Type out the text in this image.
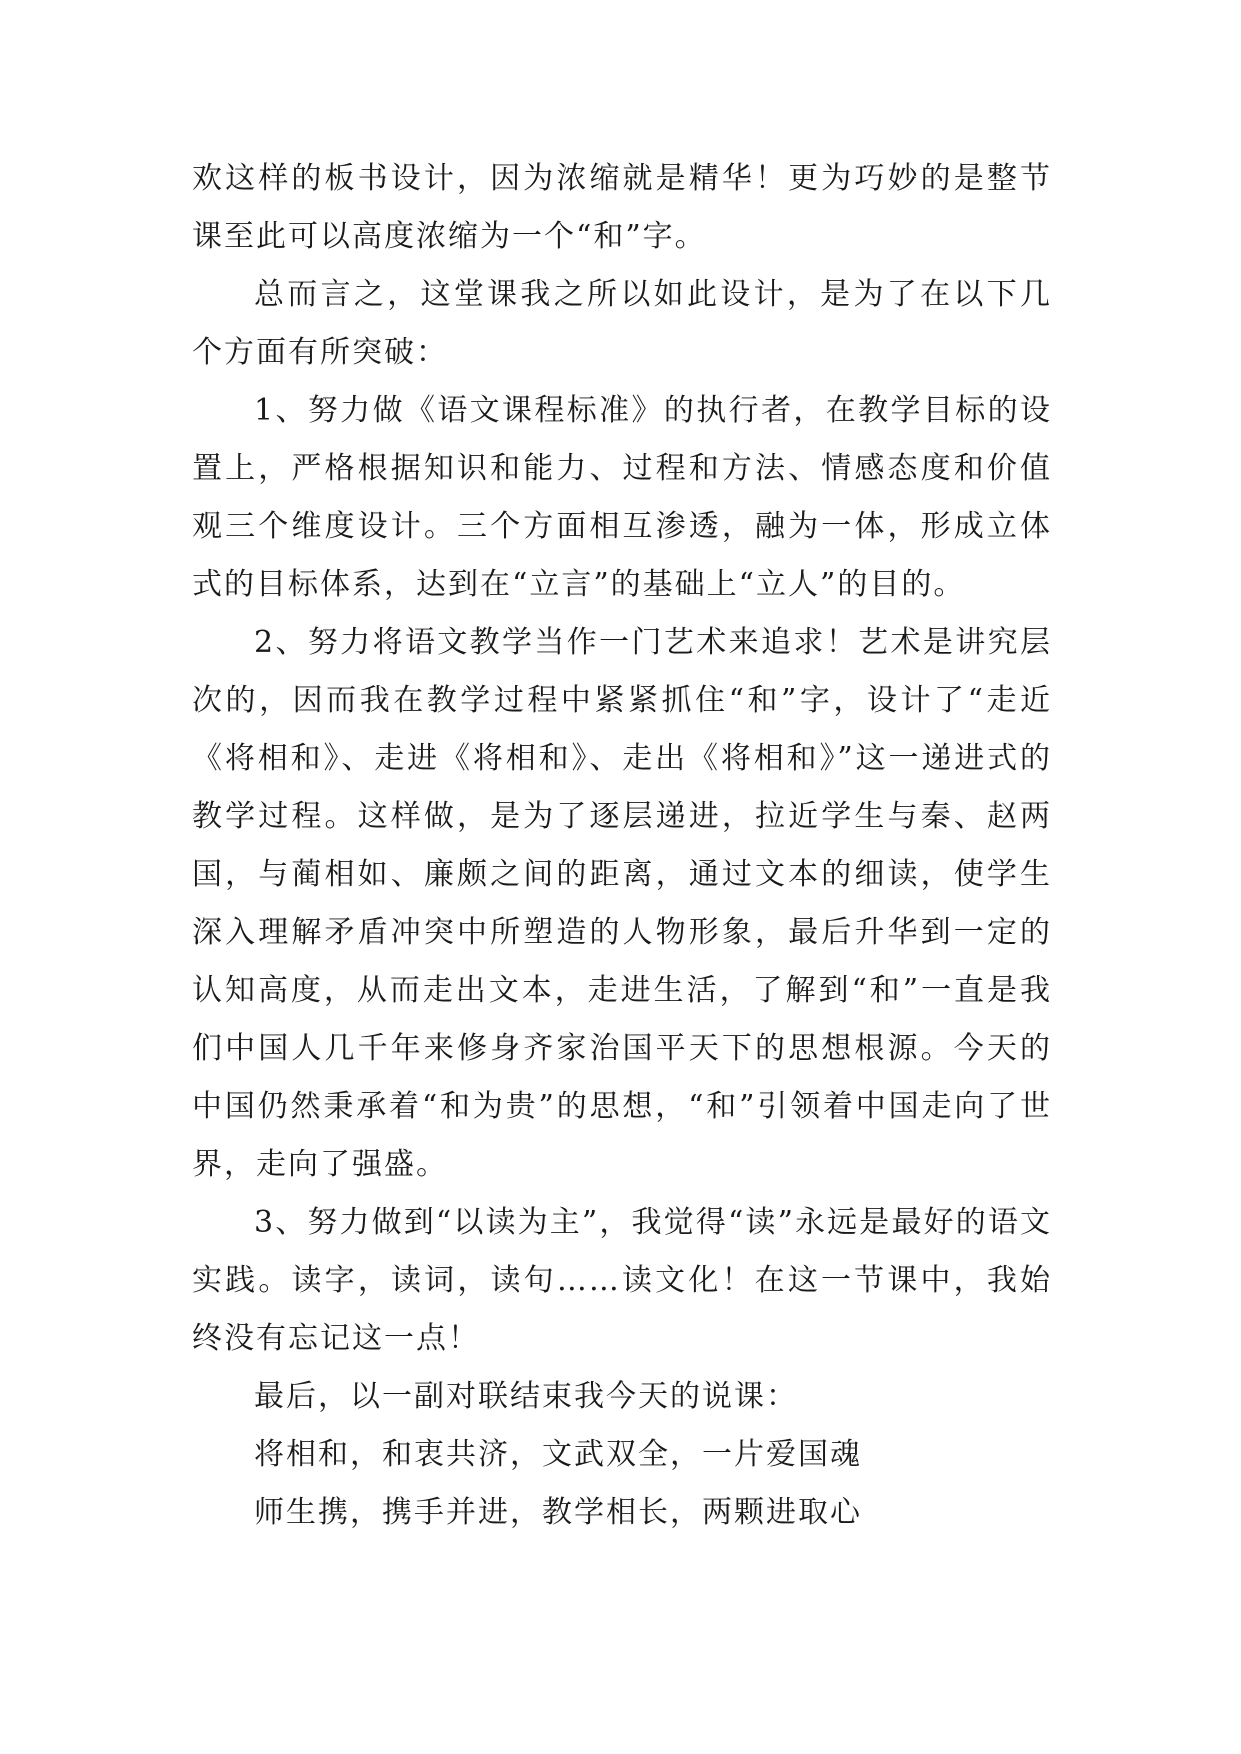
欢这样的板书设计，因为浓缩就是精华！更为巧妙的是整节课至此可以高度浓缩为一个“和”字。

总而言之，这堂课我之所以如此设计，是为了在以下几个方面有所突破：

1、努力做《语文课程标准》的执行者，在教学目标的设置上，严格根据知识和能力、过程和方法、情感态度和价值观三个维度设计。三个方面相互渗透，融为一体，形成立体式的目标体系，达到在“立言”的基础上“立人”的目的。

2、努力将语文教学当作一门艺术来追求！艺术是讲究层次的，因而我在教学过程中紧紧抓住“和”字，设计了“走近《将相和》、走进《将相和》、走出《将相和》”这一递进式的教学过程。这样做，是为了逐层递进，拉近学生与秦、赵两国，与蔺相如、廉颇之间的距离，通过文本的细读，使学生深入理解矛盾冲突中所塑造的人物形象，最后升华到一定的认知高度，从而走出文本，走进生活，了解到“和”一直是我们中国人几千年来修身齐家治国平天下的思想根源。今天的中国仍然秉承着“和为贵”的思想，“和”引领着中国走向了世界，走向了强盛。

3、努力做到“以读为主”，我觉得“读”永远是最好的语文实践。读字，读词，读句……读文化！在这一节课中，我始终没有忘记这一点！

最后，以一副对联结束我今天的说课：

将相和，和衷共济，文武双全，一片爱国魂

师生携，携手并进，教学相长，两颗进取心
